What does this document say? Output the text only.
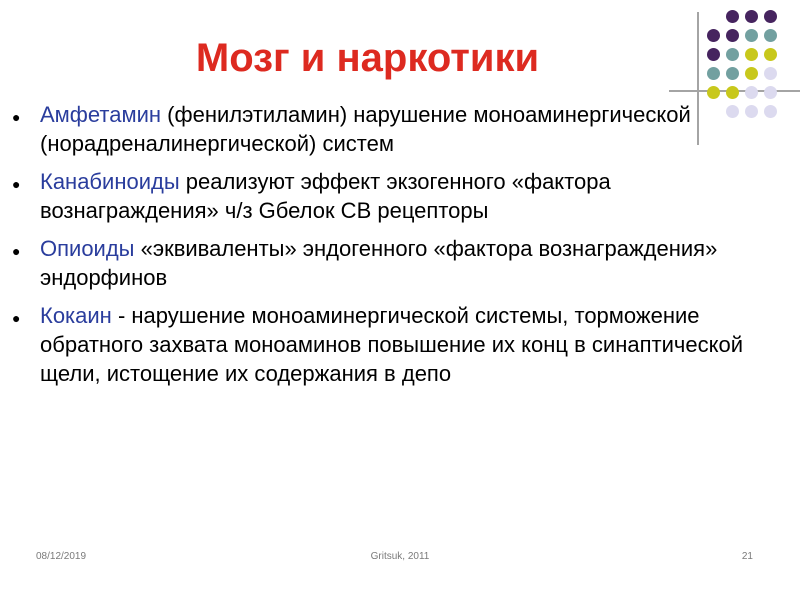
Мозг и наркотики
● Амфетамин (фенилэтиламин) нарушение моноаминергической (норадреналинергической) систем
● Канабиноиды реализуют эффект экзогенного «фактора вознаграждения» ч/з Gбелок CB рецепторы
● Опиоиды «эквиваленты» эндогенного «фактора вознаграждения» эндорфинов
● Кокаин - нарушение моноаминергической системы, торможение обратного захвата моноаминов повышение их конц в синаптической щели, истощение их содержания в депо
08/12/2019	Gritsuk, 2011	21
